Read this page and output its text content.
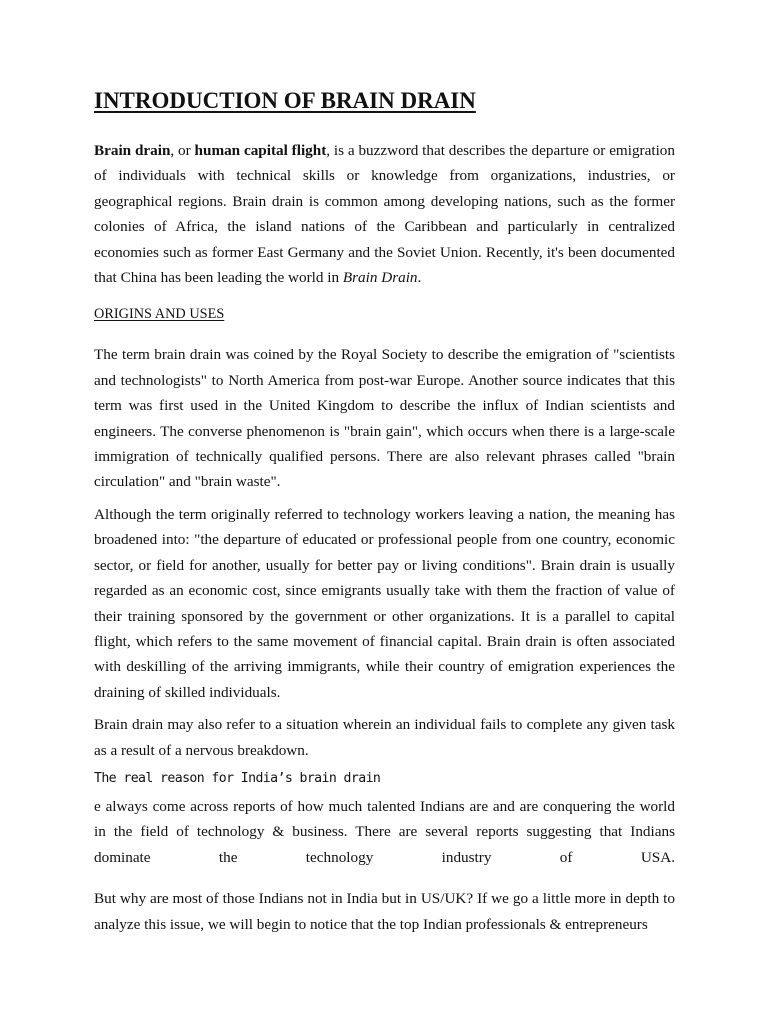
INTRODUCTION OF BRAIN DRAIN

Brain drain, or human capital flight, is a buzzword that describes the departure or emigration of individuals with technical skills or knowledge from organizations, industries, or geographical regions. Brain drain is common among developing nations, such as the former colonies of Africa, the island nations of the Caribbean and particularly in centralized economies such as former East Germany and the Soviet Union. Recently, it's been documented that China has been leading the world in Brain Drain.

ORIGINS AND USES

The term brain drain was coined by the Royal Society to describe the emigration of "scientists and technologists" to North America from post-war Europe. Another source indicates that this term was first used in the United Kingdom to describe the influx of Indian scientists and engineers. The converse phenomenon is "brain gain", which occurs when there is a large-scale immigration of technically qualified persons. There are also relevant phrases called "brain circulation" and "brain waste".

Although the term originally referred to technology workers leaving a nation, the meaning has broadened into: "the departure of educated or professional people from one country, economic sector, or field for another, usually for better pay or living conditions". Brain drain is usually regarded as an economic cost, since emigrants usually take with them the fraction of value of their training sponsored by the government or other organizations. It is a parallel to capital flight, which refers to the same movement of financial capital. Brain drain is often associated with deskilling of the arriving immigrants, while their country of emigration experiences the draining of skilled individuals.

Brain drain may also refer to a situation wherein an individual fails to complete any given task as a result of a nervous breakdown.

The real reason for India’s brain drain

e always come across reports of how much talented Indians are and are conquering the world in the field of technology & business. There are several reports suggesting that Indians dominate the technology industry of USA.

But why are most of those Indians not in India but in US/UK? If we go a little more in depth to analyze this issue, we will begin to notice that the top Indian professionals & entrepreneurs
